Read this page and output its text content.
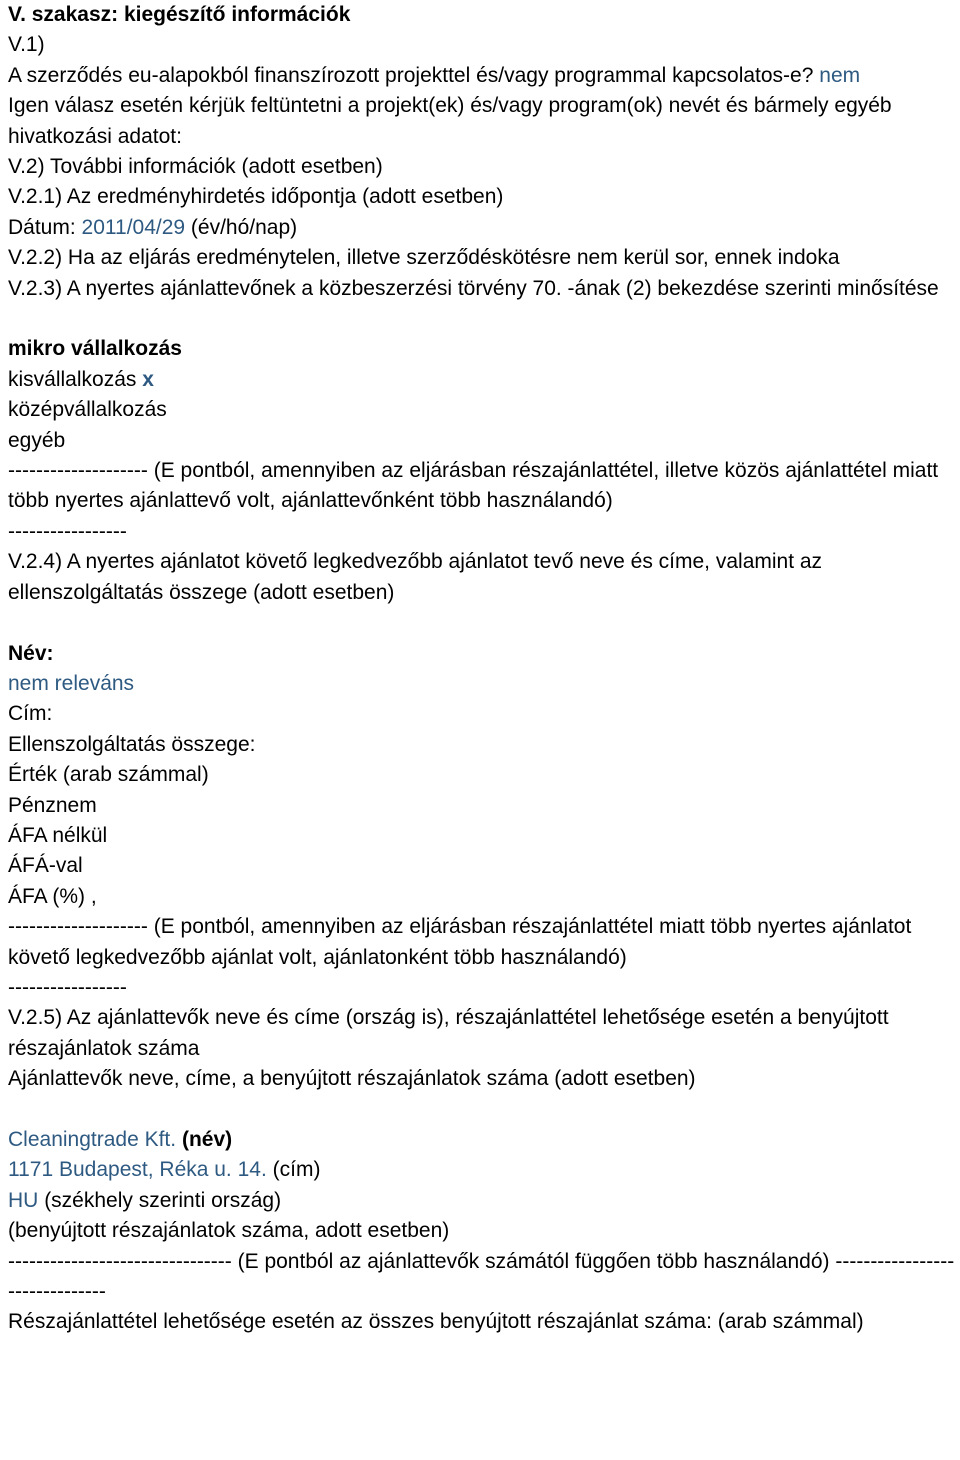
V. szakasz: kiegészítő információk
V.1)
A szerződés eu-alapokból finanszírozott projekttel és/vagy programmal kapcsolatos-e? nem
Igen válasz esetén kérjük feltüntetni a projekt(ek) és/vagy program(ok) nevét és bármely egyéb hivatkozási adatot:
V.2) További információk (adott esetben)
V.2.1) Az eredményhirdetés időpontja (adott esetben)
Dátum: 2011/04/29 (év/hó/nap)
V.2.2) Ha az eljárás eredménytelen, illetve szerződéskötésre nem kerül sor, ennek indoka
V.2.3) A nyertes ajánlattevőnek a közbeszerzési törvény 70. -ának (2) bekezdése szerinti minősítése
mikro vállalkozás
kisvállalkozás x
középvállalkozás
egyéb
-------------------- (E pontból, amennyiben az eljárásban részajánlattétel, illetve közös ajánlattétel miatt több nyertes ajánlattevő volt, ajánlattevőnként több használandó)
-----------------
V.2.4) A nyertes ajánlatot követő legkedvezőbb ajánlatot tevő neve és címe, valamint az ellenszolgáltatás összege (adott esetben)
Név:
nem releváns
Cím:
Ellenszolgáltatás összege:
Érték (arab számmal)
Pénznem
ÁFA nélkül
ÁFÁ-val
ÁFA (%) ,
-------------------- (E pontból, amennyiben az eljárásban részajánlattétel miatt több nyertes ajánlatot követő legkedvezőbb ajánlat volt, ajánlatonként több használandó)
-----------------
V.2.5) Az ajánlattevők neve és címe (ország is), részajánlattétel lehetősége esetén a benyújtott részajánlatok száma
Ajánlattevők neve, címe, a benyújtott részajánlatok száma (adott esetben)
Cleaningtrade Kft. (név)
1171 Budapest, Réka u. 14. (cím)
HU (székhely szerinti ország)
(benyújtott részajánlatok száma, adott esetben)
-------------------------------- (E pontból az ajánlattevők számától függően több használandó) -------------------------------
Részajánlattétel lehetősége esetén az összes benyújtott részajánlat száma: (arab számmal)
